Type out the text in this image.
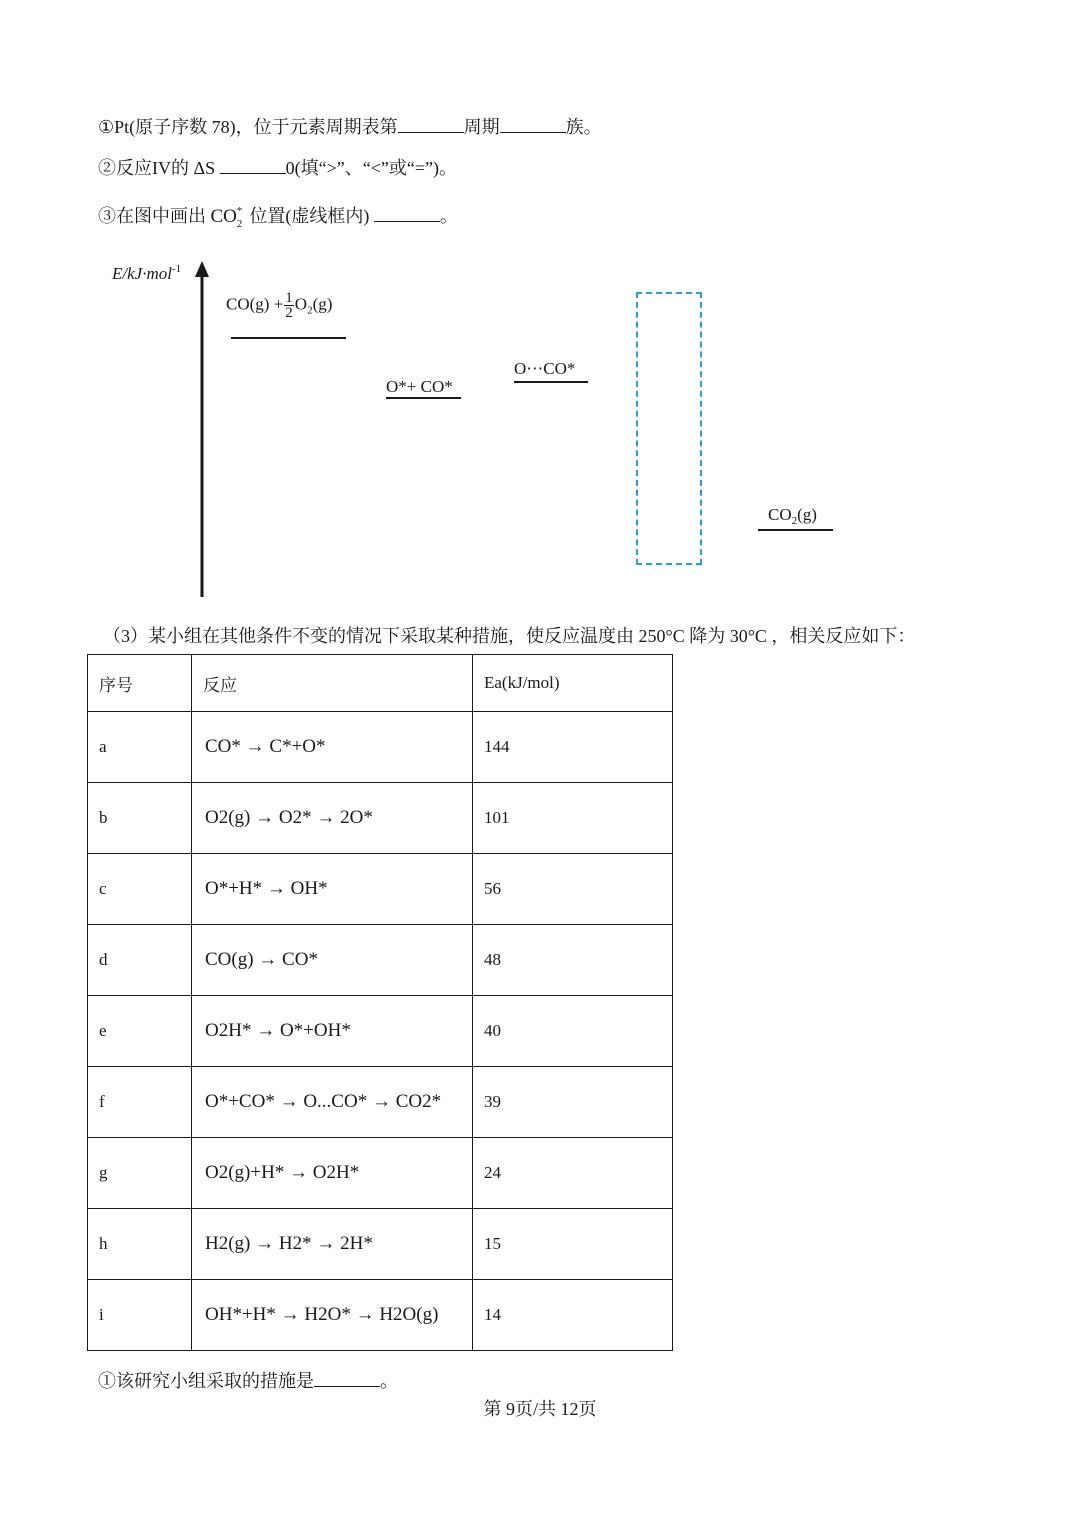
①Pt(原子序数 78)，位于元素周期表第	周期	族。
②反应IV的 ΔS	0(填“>”、“<”或“=”)。
③在图中画出 CO *
2 位置(虚线框内)	。
E/kJ·mol$^{-1}$
$CO(g) + \frac{1}{2} O_2(g)$
O*+ CO*
O⋯CO*
$CO_2(g)$
（3）某小组在其他条件不变的情况下采取某种措施，使反应温度由 250°C 降为 30°C ，相关反应如下：
序号	反应	Ea(kJ/mol)
a	CO* → C*+O*	144
b	O2(g) → O2* → 2O*	101
c	O*+H* → OH*	56
d	CO(g) → CO*	48
e	O2H* → O*+OH*	40
f	O*+CO* → O...CO* → CO2*	39
g	O2(g)+H* → O2H*	24
h	H2(g) → H2* → 2H*	15
i	OH*+H* → H2O* → H2O(g)	14
①该研究小组采取的措施是	。
第 9页/共 12页
